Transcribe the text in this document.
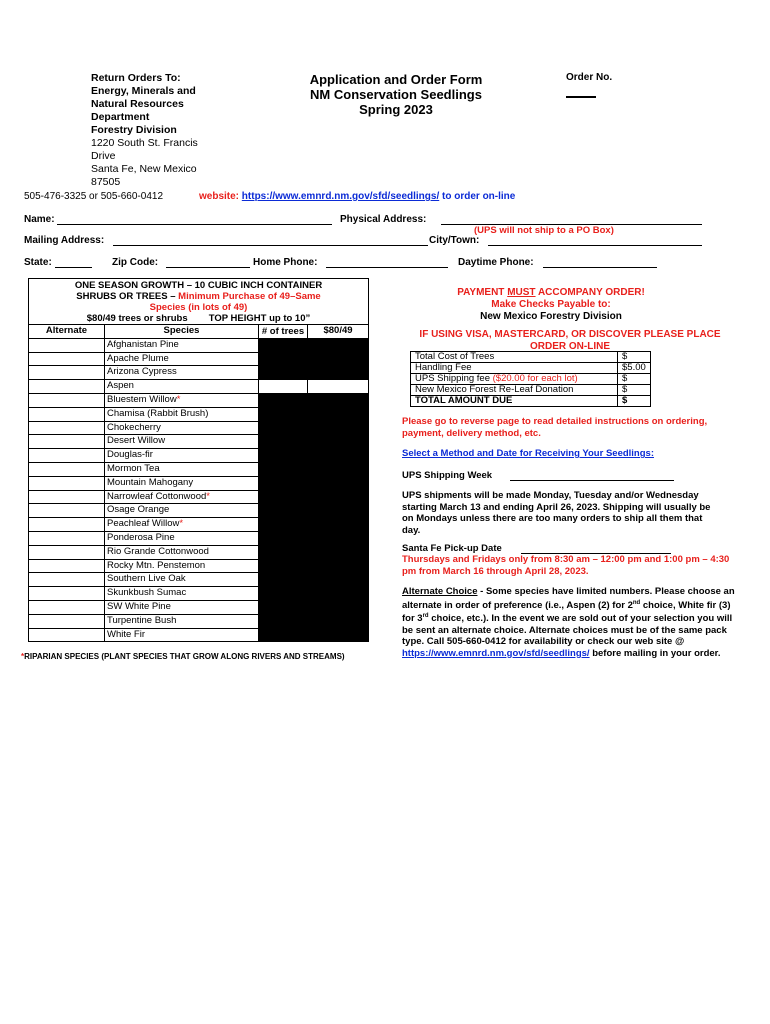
Return Orders To:
Energy, Minerals and
Natural Resources
Department
Forestry Division
1220 South St. Francis
Drive
Santa Fe, New Mexico
87505
Application and Order Form
NM Conservation Seedlings
Spring 2023
Order No.
505-476-3325 or 505-660-0412	website: https://www.emnrd.nm.gov/sfd/seedlings/ to order on-line
Name:	Physical Address:
(UPS will not ship to a PO Box)
Mailing Address:	City/Town:
State:	Zip Code:	Home Phone:	Daytime Phone:
ONE SEASON GROWTH – 10 CUBIC INCH CONTAINER
SHRUBS OR TREES – Minimum Purchase of 49–Same
Species (in lots of 49)
$80/49 trees or shrubs        TOP HEIGHT up to 10”			

Alternate	Species	# of trees	$80/49
	Afghanistan Pine		
	Apache Plume		
	Arizona Cypress		
	Aspen		
	Bluestem Willow*		
	Chamisa (Rabbit Brush)		
	Chokecherry		
	Desert Willow		
	Douglas-fir		
	Mormon Tea		
	Mountain Mahogany		
	Narrowleaf Cottonwood*		
	Osage Orange		
	Peachleaf Willow*		
	Ponderosa Pine		
	Rio Grande Cottonwood		
	Rocky Mtn. Penstemon		
	Southern Live Oak		
	Skunkbush Sumac		
	SW White Pine		
	Turpentine Bush		
	White Fir		
*RIPARIAN SPECIES (PLANT SPECIES THAT GROW ALONG RIVERS AND STREAMS)
PAYMENT MUST ACCOMPANY ORDER!
Make Checks Payable to:
New Mexico Forestry Division
IF USING VISA, MASTERCARD, OR DISCOVER PLEASE PLACE ORDER ON-LINE
Total Cost of Trees	$
Handling Fee	$5.00
UPS Shipping fee ($20.00 for each lot)	$
New Mexico Forest Re-Leaf Donation	$
TOTAL AMOUNT DUE	$
Please go to reverse page to read detailed instructions on ordering, payment, delivery method, etc.
Select a Method and Date for Receiving Your Seedlings:
UPS Shipping Week
UPS shipments will be made Monday, Tuesday and/or Wednesday starting March 13 and ending April 26, 2023. Shipping will usually be on Mondays unless there are too many orders to ship all them that day.
Santa Fe Pick-up Date
Thursdays and Fridays only from 8:30 am – 12:00 pm and 1:00 pm – 4:30 pm from March 16 through April 28, 2023.
Alternate Choice - Some species have limited numbers. Please choose an alternate in order of preference (i.e., Aspen (2) for 2nd choice, White fir (3) for 3rd choice, etc.). In the event we are sold out of your selection you will be sent an alternate choice. Alternate choices must be of the same pack type. Call 505-660-0412 for availability or check our web site @ https://www.emnrd.nm.gov/sfd/seedlings/ before mailing in your order.
